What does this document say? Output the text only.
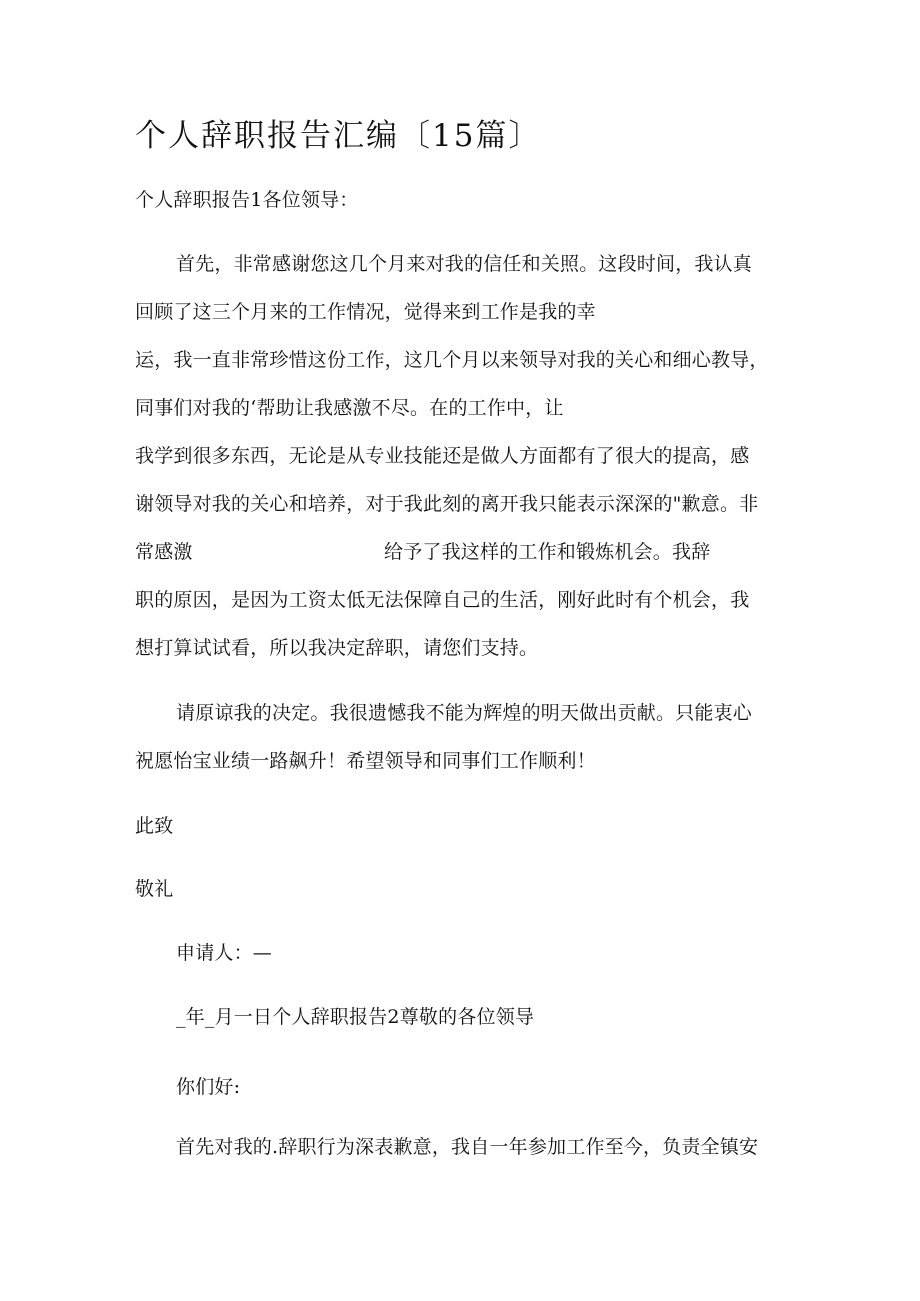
个人辞职报告汇编〔15篇〕
个人辞职报告1各位领导：
首先，非常感谢您这几个月来对我的信任和关照。这段时间，我认真
回顾了这三个月来的工作情况，觉得来到工作是我的幸
运，我一直非常珍惜这份工作，这几个月以来领导对我的关心和细心教导，
同事们对我的‘帮助让我感激不尽。在的工作中，让
我学到很多东西，无论是从专业技能还是做人方面都有了很大的提高，感
谢领导对我的关心和培养，对于我此刻的离开我只能表示深深的"歉意。非
常感激	给予了我这样的工作和锻炼机会。我辞
职的原因，是因为工资太低无法保障自己的生活，刚好此时有个机会，我
想打算试试看，所以我决定辞职，请您们支持。
请原谅我的决定。我很遗憾我不能为辉煌的明天做出贡献。只能衷心
祝愿怡宝业绩一路飙升！希望领导和同事们工作顺利！
此致
敬礼
申请人：—
_年_月一日个人辞职报告2尊敬的各位领导
你们好:
首先对我的.辞职行为深表歉意，我自一年参加工作至今，负责全镇安
